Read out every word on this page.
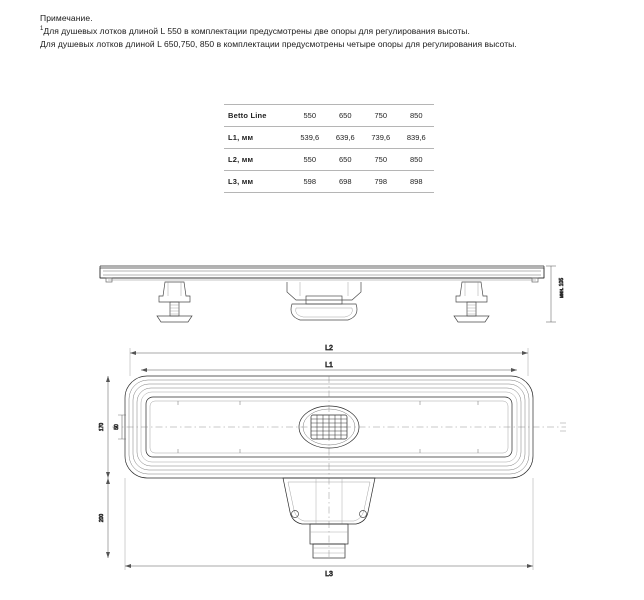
Примечание.
$^1$Для душевых лотков длиной L 550 в комплектации предусмотрены две опоры для регулирования высоты.
Для душевых лотков длиной L 650,750, 850 в комплектации предусмотрены четыре опоры для регулирования высоты.
Betto Line	550	650	750	850
L1, мм	539,6	639,6	739,6	839,6
L2, мм	550	650	750	850
L3, мм	598	698	798	898
мин. 105
L2
L1
170 50
200
L3
